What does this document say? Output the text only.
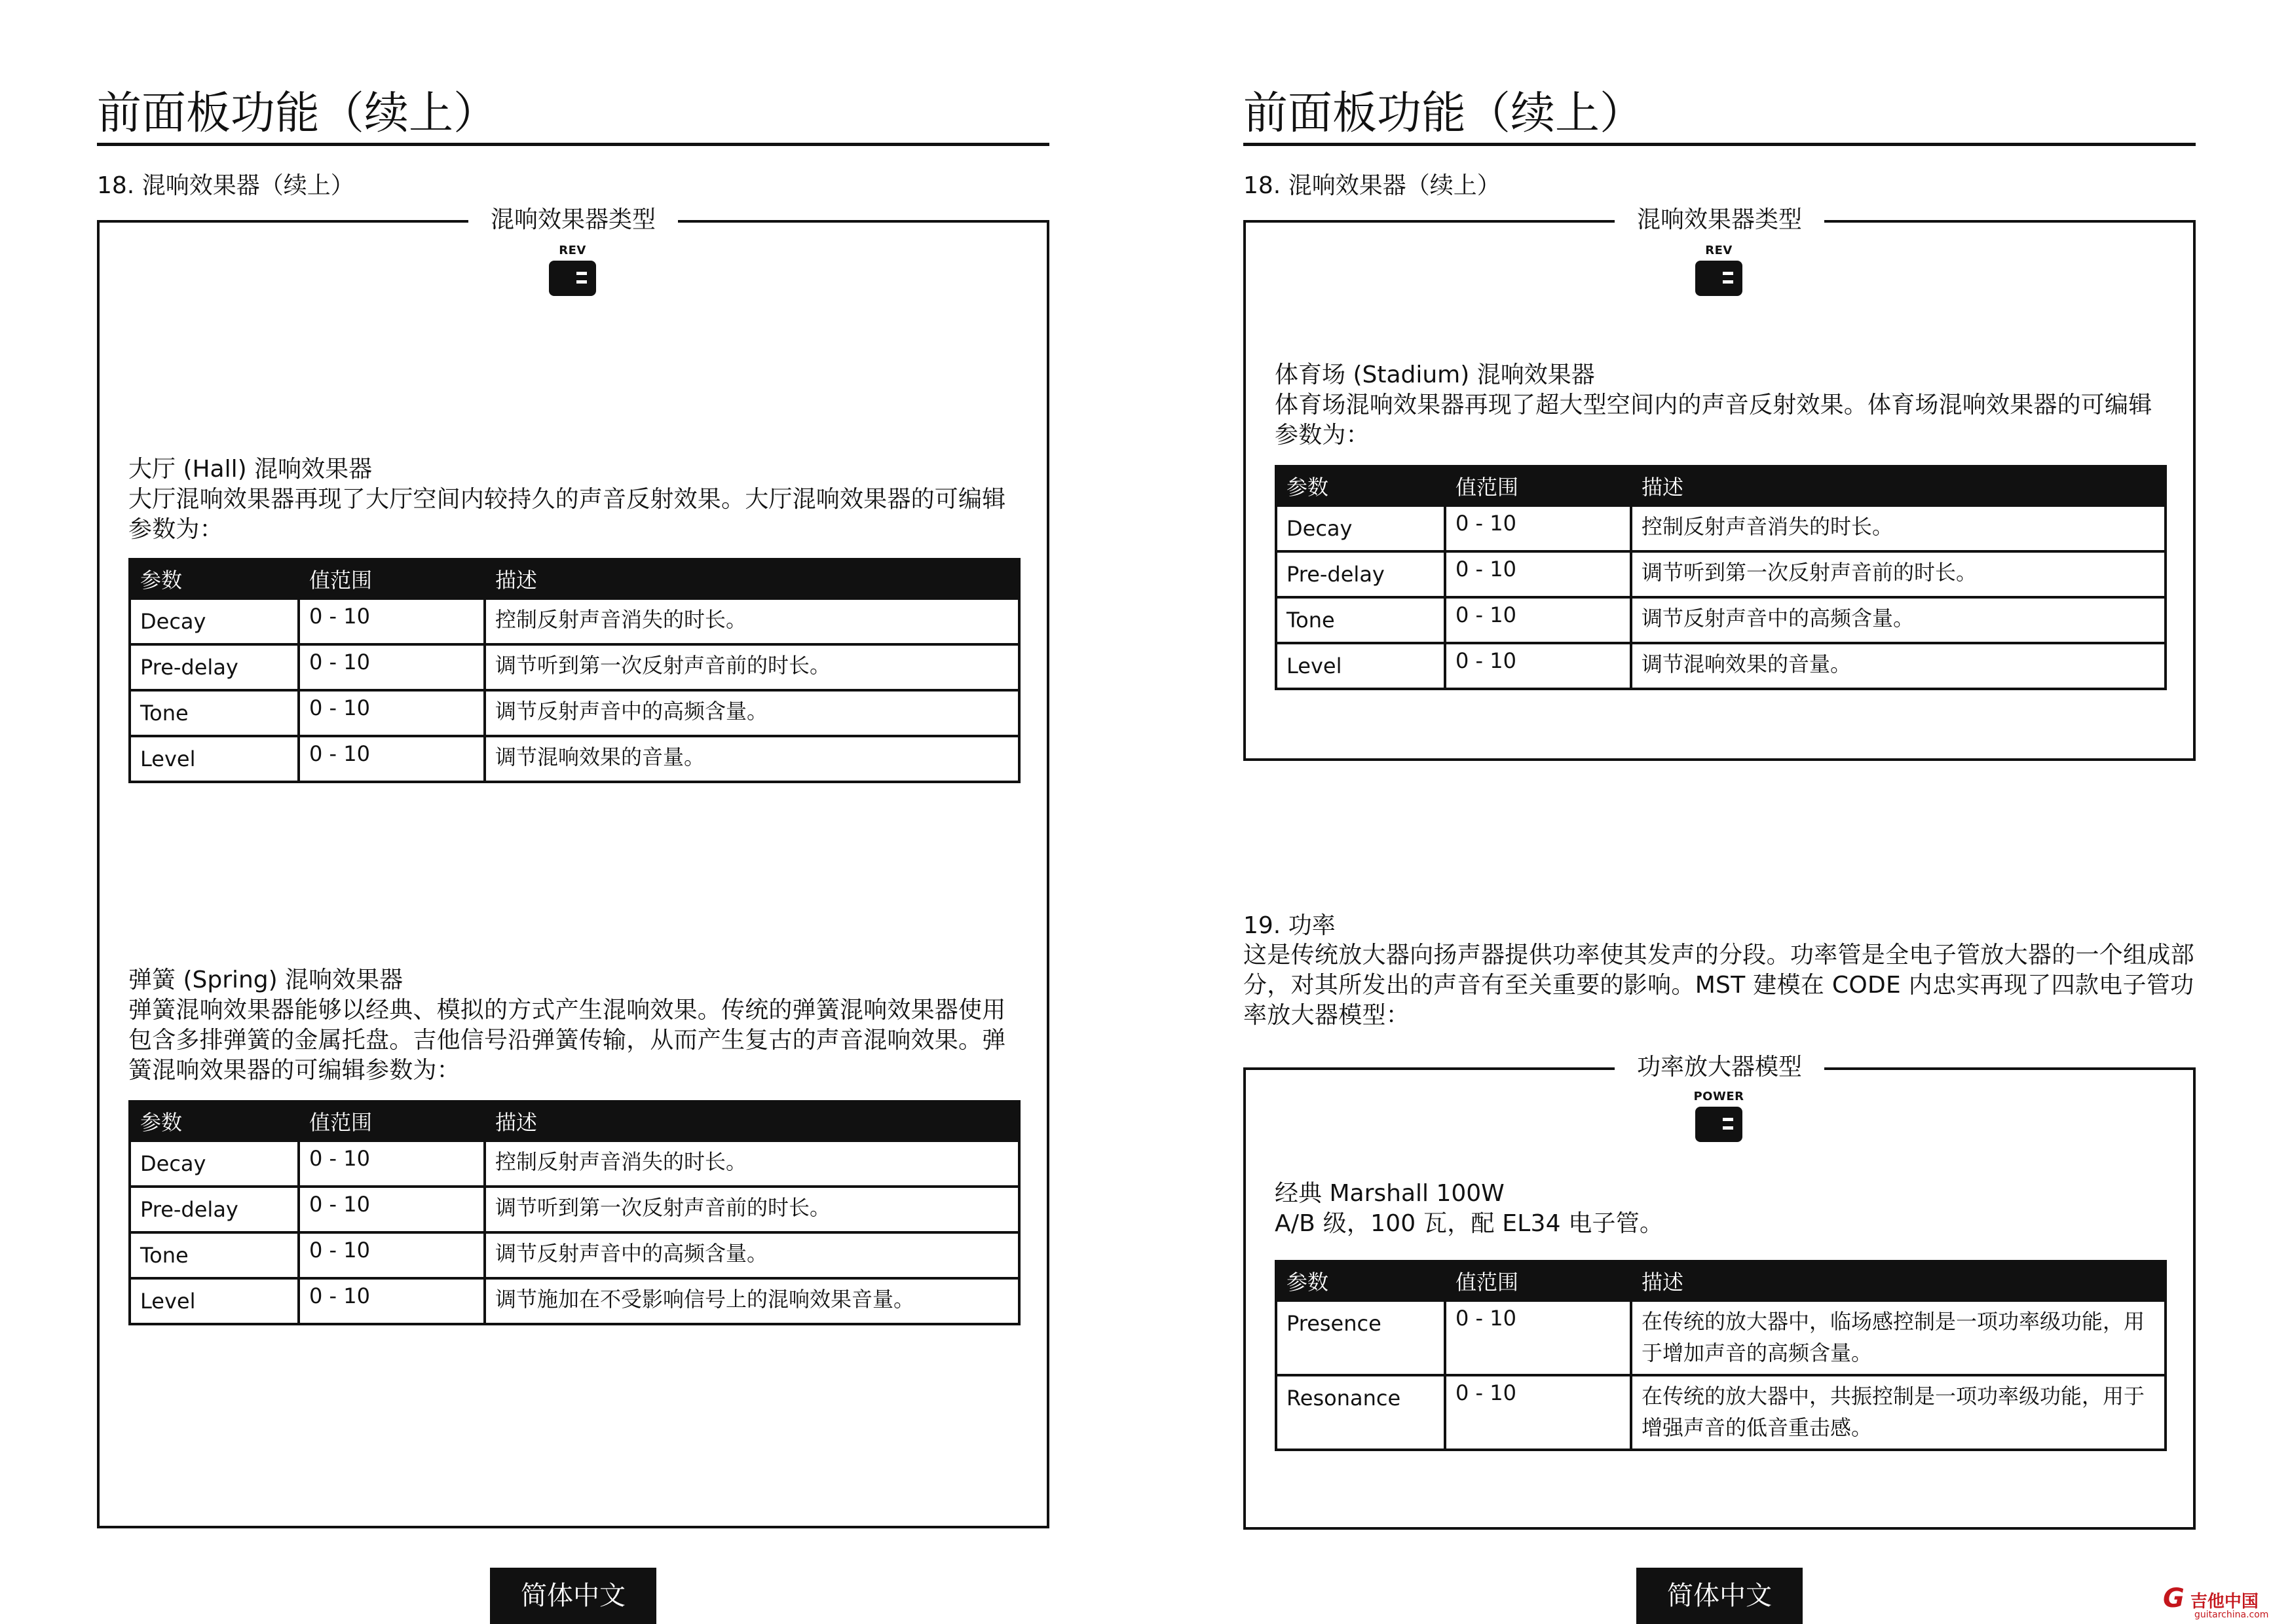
前面板功能（续上）
18. 混响效果器（续上）
混响效果器类型
REV
大厅 (Hall) 混响效果器
大厅混响效果器再现了大厅空间内较持久的声音反射效果。大厅混响效果器的可编辑参数为：
参数	值范围	描述
Decay	0 - 10	控制反射声音消失的时长。
Pre-delay	0 - 10	调节听到第一次反射声音前的时长。
Tone	0 - 10	调节反射声音中的高频含量。
Level	0 - 10	调节混响效果的音量。
弹簧 (Spring) 混响效果器
弹簧混响效果器能够以经典、模拟的方式产生混响效果。传统的弹簧混响效果器使用包含多排弹簧的金属托盘。吉他信号沿弹簧传输，从而产生复古的声音混响效果。弹簧混响效果器的可编辑参数为：
参数	值范围	描述
Decay	0 - 10	控制反射声音消失的时长。
Pre-delay	0 - 10	调节听到第一次反射声音前的时长。
Tone	0 - 10	调节反射声音中的高频含量。
Level	0 - 10	调节施加在不受影响信号上的混响效果音量。
简体中文
前面板功能（续上）
18. 混响效果器（续上）
混响效果器类型
REV
体育场 (Stadium) 混响效果器
体育场混响效果器再现了超大型空间内的声音反射效果。体育场混响效果器的可编辑参数为：
参数	值范围	描述
Decay	0 - 10	控制反射声音消失的时长。
Pre-delay	0 - 10	调节听到第一次反射声音前的时长。
Tone	0 - 10	调节反射声音中的高频含量。
Level	0 - 10	调节混响效果的音量。
19. 功率
这是传统放大器向扬声器提供功率使其发声的分段。功率管是全电子管放大器的一个组成部分，对其所发出的声音有至关重要的影响。MST 建模在 CODE 内忠实再现了四款电子管功率放大器模型：
功率放大器模型
POWER
经典 Marshall 100W
A/B 级，100 瓦，配 EL34 电子管。
参数	值范围	描述
Presence	0 - 10	在传统的放大器中，临场感控制是一项功率级功能，用于增加声音的高频含量。
Resonance	0 - 10	在传统的放大器中，共振控制是一项功率级功能，用于增强声音的低音重击感。
简体中文	G 吉他中国
guitarchina.com
